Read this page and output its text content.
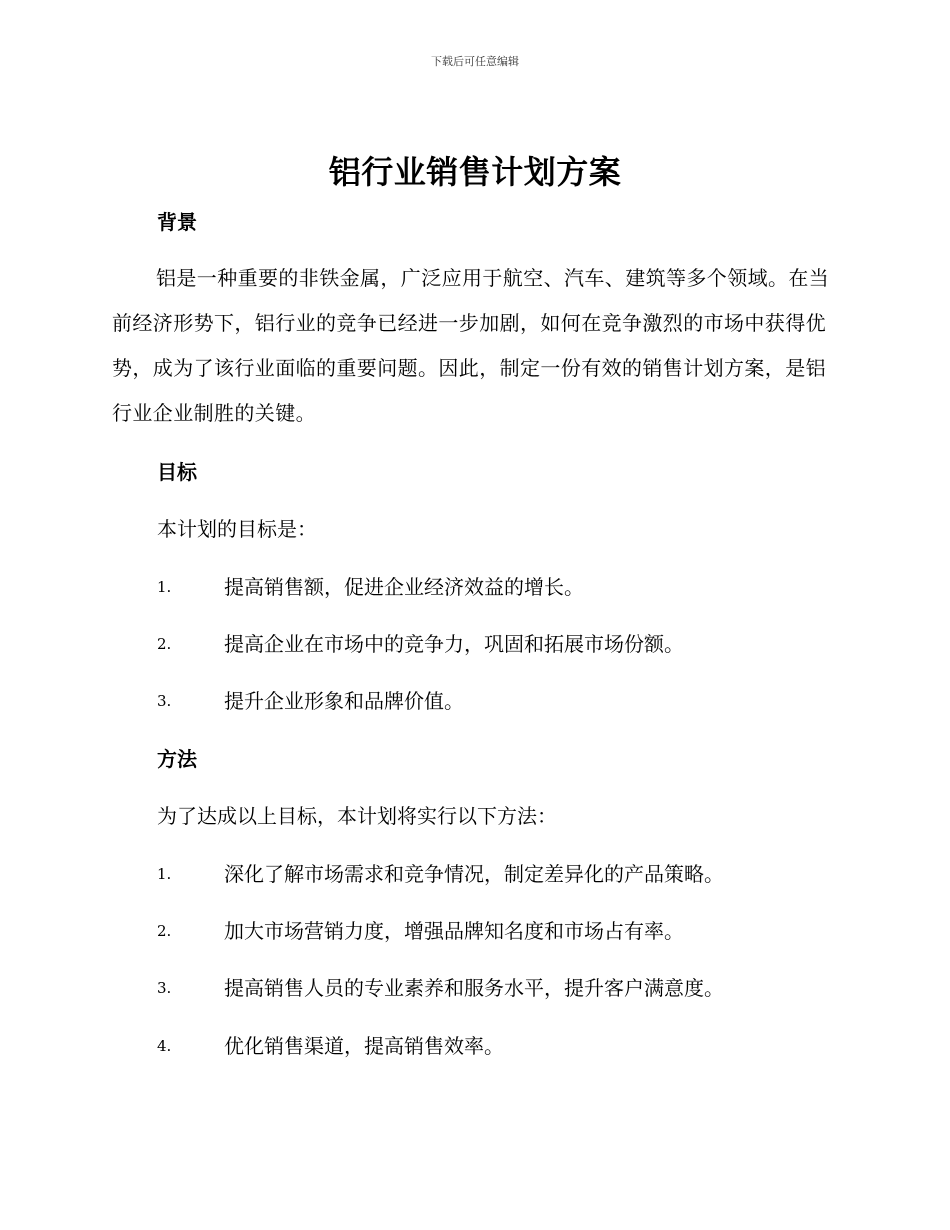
下载后可任意编辑
铝行业销售计划方案
背景
铝是一种重要的非铁金属，广泛应用于航空、汽车、建筑等多个领域。在当前经济形势下，铝行业的竞争已经进一步加剧，如何在竞争激烈的市场中获得优势，成为了该行业面临的重要问题。因此，制定一份有效的销售计划方案，是铝行业企业制胜的关键。
目标
本计划的目标是：
1.	提高销售额，促进企业经济效益的增长。
2.	提高企业在市场中的竞争力，巩固和拓展市场份额。
3.	提升企业形象和品牌价值。
方法
为了达成以上目标，本计划将实行以下方法：
1.	深化了解市场需求和竞争情况，制定差异化的产品策略。
2.	加大市场营销力度，增强品牌知名度和市场占有率。
3.	提高销售人员的专业素养和服务水平，提升客户满意度。
4.	优化销售渠道，提高销售效率。
